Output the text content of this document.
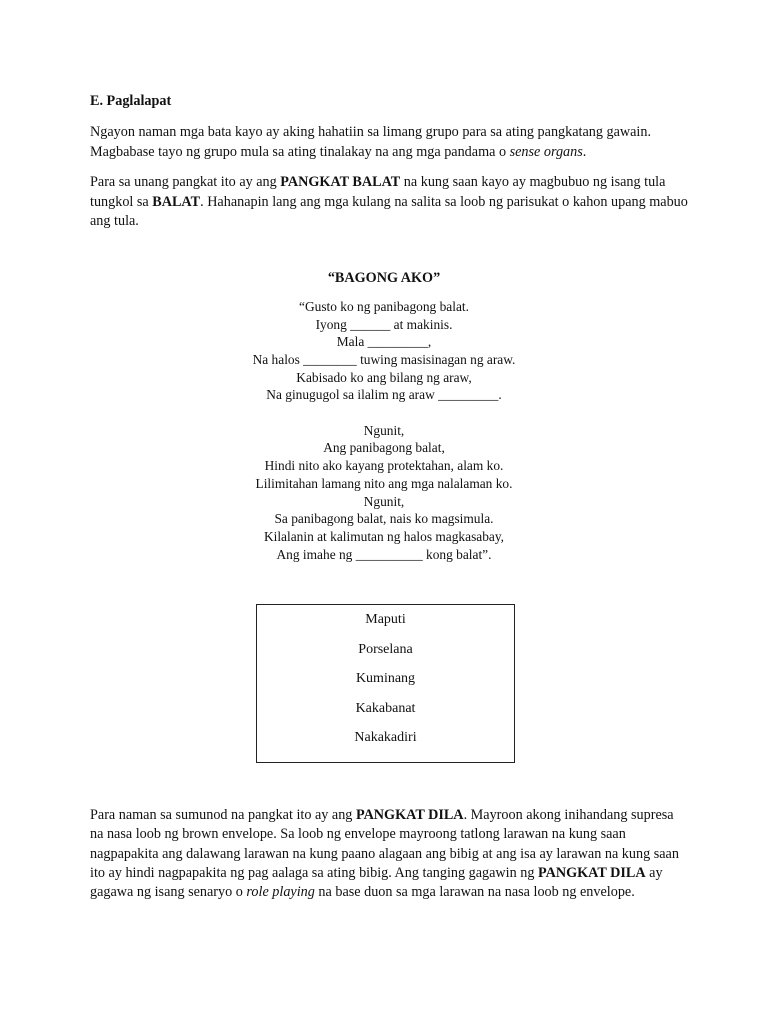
E. Paglalapat

Ngayon naman mga bata kayo ay aking hahatiin sa limang grupo para sa ating pangkatang gawain. Magbabase tayo ng grupo mula sa ating tinalakay na ang mga pandama o sense organs.

Para sa unang pangkat ito ay ang PANGKAT BALAT na kung saan kayo ay magbubuo ng isang tula tungkol sa BALAT. Hahanapin lang ang mga kulang na salita sa loob ng parisukat o kahon upang mabuo ang tula.

“BAGONG AKO”
“Gusto ko ng panibagong balat.
Iyong ______ at makinis.
Mala _________,
Na halos ________ tuwing masisinagan ng araw.
Kabisado ko ang bilang ng araw,
Na ginugugol sa ilalim ng araw _________.
Ngunit,
Ang panibagong balat,
Hindi nito ako kayang protektahan, alam ko.
Lilimitahan lamang nito ang mga nalalaman ko.
Ngunit,
Sa panibagong balat, nais ko magsimula.
Kilalanin at kalimutan ng halos magkasabay,
Ang imahe ng __________ kong balat”.
Maputi
Porselana
Kuminang
Kakabanat
Nakakadiri

Para naman sa sumunod na pangkat ito ay ang PANGKAT DILA. Mayroon akong inihandang supresa na nasa loob ng brown envelope. Sa loob ng envelope mayroong tatlong larawan na kung saan nagpapakita ang dalawang larawan na kung paano alagaan ang bibig at ang isa ay larawan na kung saan ito ay hindi nagpapakita ng pag aalaga sa ating bibig. Ang tanging gagawin ng PANGKAT DILA ay gagawa ng isang senaryo o role playing na base duon sa mga larawan na nasa loob ng envelope.
